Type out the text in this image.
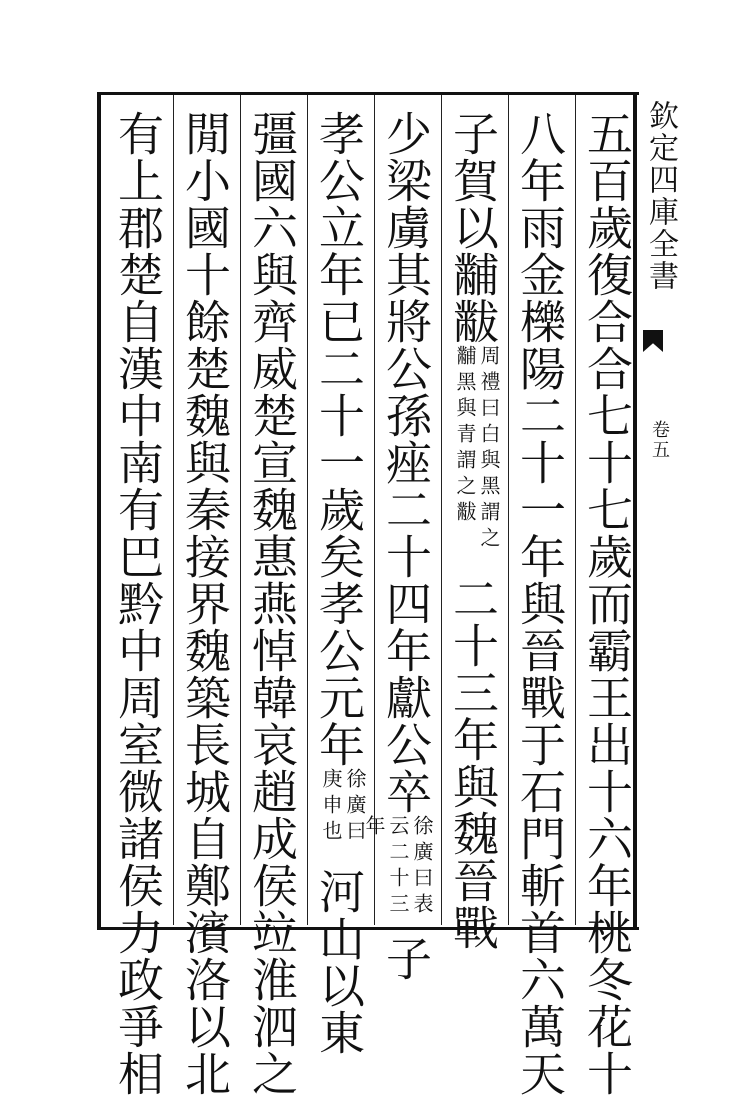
欽定四庫全書
卷五
五百歲復合合七十七歲而霸王出十六年桃冬花十
八年雨金櫟陽二十一年與晉戰于石門斬首六萬天
子賀以黼黻周禮曰白與黑謂之黼黑與青謂之黻二十三年與魏晉戰
少梁虜其將公孫痤二十四年獻公卒徐廣曰表云二十三年子
孝公立年已二十一歲矣孝公元年徐廣曰庚申也河山以東
彊國六與齊威楚宣魏惠燕悼韓哀趙成侯竝淮泗之
閒小國十餘楚魏與秦接界魏築長城自鄭濱洛以北
有上郡楚自漢中南有巴黔中周室微諸侯力政爭相
